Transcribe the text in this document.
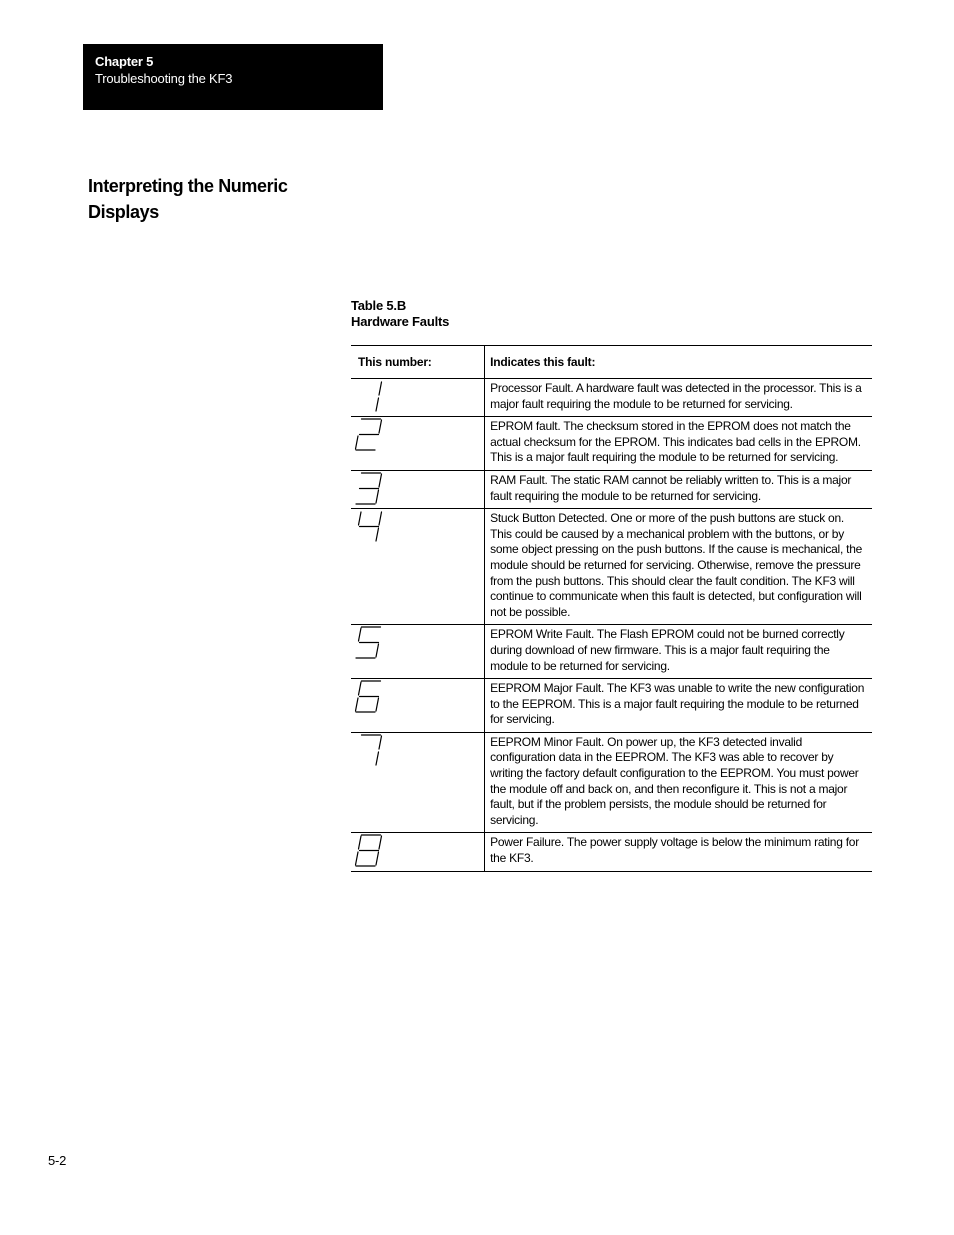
Chapter 5
Troubleshooting the KF3
Interpreting the Numeric Displays
Table 5.B
Hardware Faults
This number:	Indicates this fault:

	Processor Fault. A hardware fault was detected in the processor. This is a major fault requiring the module to be returned for servicing.

	EPROM fault. The checksum stored in the EPROM does not match the actual checksum for the EPROM. This indicates bad cells in the EPROM. This is a major fault requiring the module to be returned for servicing.

	RAM Fault. The static RAM cannot be reliably written to. This is a major fault requiring the module to be returned for servicing.

	Stuck Button Detected. One or more of the push buttons are stuck on. This could be caused by a mechanical problem with the buttons, or by some object pressing on the push buttons. If the cause is mechanical, the module should be returned for servicing. Otherwise, remove the pressure from the push buttons. This should clear the fault condition. The KF3 will continue to communicate when this fault is detected, but configuration will not be possible.

	EPROM Write Fault. The Flash EPROM could not be burned correctly during download of new firmware. This is a major fault requiring the module to be returned for servicing.

	EEPROM Major Fault. The KF3 was unable to write the new configuration to the EEPROM. This is a major fault requiring the module to be returned for servicing.

	EEPROM Minor Fault. On power up, the KF3 detected invalid configuration data in the EEPROM. The KF3 was able to recover by writing the factory default configuration to the EEPROM. You must power the module off and back on, and then reconfigure it. This is not a major fault, but if the problem persists, the module should be returned for servicing.

	Power Failure. The power supply voltage is below the minimum rating for the KF3.
5-2
